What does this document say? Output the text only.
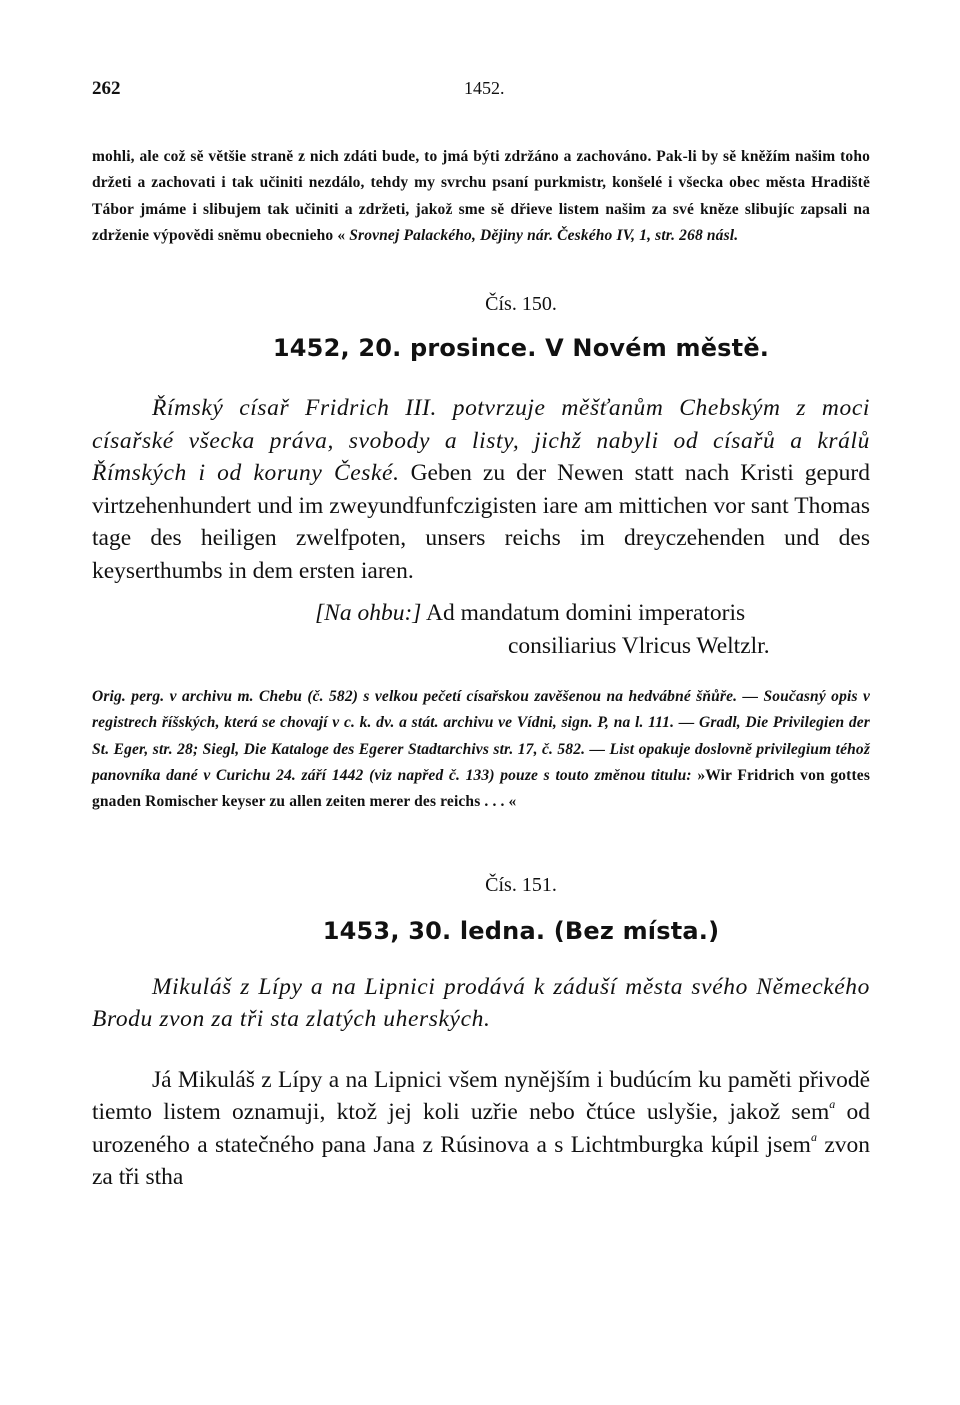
262	1452.

mohli, ale což sě většie straně z nich zdáti bude, to jmá býti zdržáno a zachováno. Pak-li by sě kněžím našim toho držeti a zachovati i tak učiniti nezdálo, tehdy my svrchu psaní purkmistr, konšelé i všecka obec města Hradiště Tábor jmáme i slibujem tak učiniti a zdržeti, jakož sme sě dřieve listem našim za své kněze slibujíc zapsali na zdrženie výpovědi sněmu obecnieho « Srovnej Palackého, Dějiny nár. Českého IV, 1, str. 268 násl.

Čís. 150.
1452, 20. prosince. V Novém městě.

Římský císař Fridrich III. potvrzuje měšťanům Chebským z moci císařské všecka práva, svobody a listy, jichž nabyli od císařů a králů Římských i od koruny České. Geben zu der Newen statt nach Kristi gepurd virtzehenhundert und im zweyundfunfczigisten iare am mittichen vor sant Thomas tage des heiligen zwelfpoten, unsers reichs im dreyczehenden und des keyserthumbs in dem ersten iaren.

[Na ohbu:] Ad mandatum domini imperatoris
consiliarius Vlricus Weltzlr.

Orig. perg. v archivu m. Chebu (č. 582) s velkou pečetí císařskou zavěšenou na hedvábné šňůře. — Současný opis v registrech říšských, která se chovají v c. k. dv. a stát. archivu ve Vídni, sign. P, na l. 111. — Gradl, Die Privilegien der St. Eger, str. 28; Siegl, Die Kataloge des Egerer Stadtarchivs str. 17, č. 582. — List opakuje doslovně privilegium téhož panovníka dané v Curichu 24. září 1442 (viz napřed č. 133) pouze s touto změnou titulu: »Wir Fridrich von gottes gnaden Romischer keyser zu allen zeiten merer des reichs . . . «

Čís. 151.
1453, 30. ledna. (Bez místa.)

Mikuláš z Lípy a na Lipnici prodává k záduší města svého Německého Brodu zvon za tři sta zlatých uherských.

Já Mikuláš z Lípy a na Lipnici všem nynějším i budúcím ku paměti přivodě tiemto listem oznamuji, ktož jej koli uzřie nebo čtúce uslyšie, jakož sem$^a$ od urozeného a statečného pana Jana z Rúsinova a s Lichtmburgka kúpil jsem$^a$ zvon za tři stha
